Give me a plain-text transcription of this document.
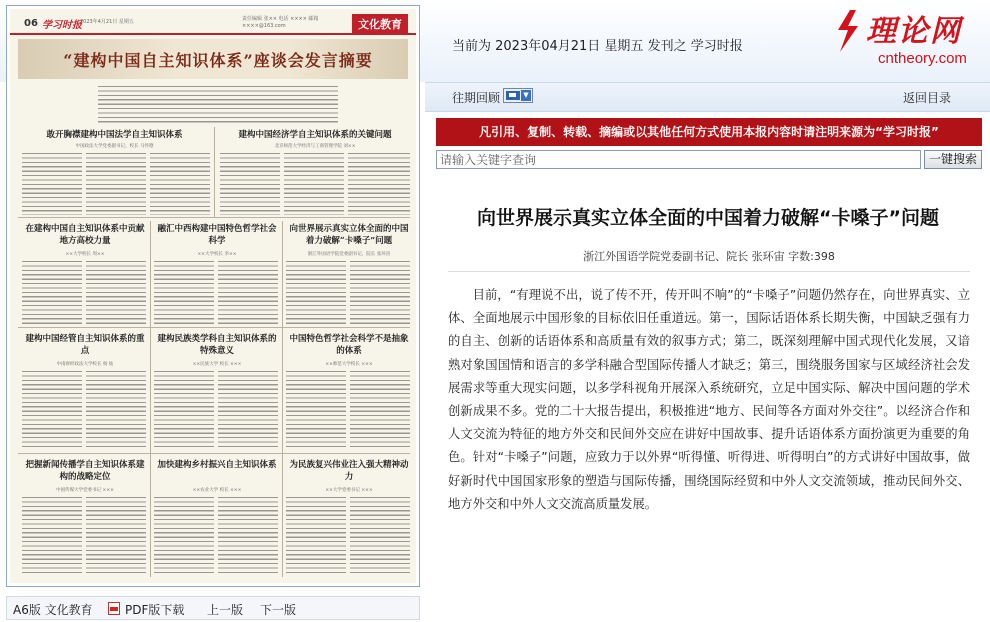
06 学习时报
2023年4月21日 星期五	责任编辑 张×× 电话 ×××× 邮箱 ××××@163.com	文化教育
“建构中国自主知识体系”座谈会发言摘要
敢开胸襟建构中国法学自主知识体系
中国政法大学党委副书记、校长 马怀德
建构中国经济学自主知识体系的关键问题
北京师范大学经济与工商管理学院 刘××
在建构中国自主知识体系中贡献地方高校力量
××大学校长 周××
融汇中西构建中国特色哲学社会科学
××大学校长 李××
向世界展示真实立体全面的中国着力破解“卡嗓子”问题
浙江外国语学院党委副书记、院长 张环宙
建构中国经管自主知识体系的重点
中南财经政法大学校长 杨 灿
建构民族类学科自主知识体系的特殊意义
××民族大学 校长 ×××
中国特色哲学社会科学不是抽象的体系
××师范大学校长 ×××
把握新闻传播学自主知识体系建构的战略定位
中国传媒大学党委书记 ×××
加快建构乡村振兴自主知识体系
××农业大学 校长 ×××
为民族复兴伟业注入强大精神动力
××大学党委书记 ×××
A6版 文化教育	PDF版下载 上一版 下一版
当前为 2023年04月21日 星期五 发刊之 学习时报	理论网
cntheory.com
往期回顾	▼	返回目录
凡引用、复制、转载、摘编或以其他任何方式使用本报内容时请注明来源为“学习时报”
请输入关键字查询
一键搜索
向世界展示真实立体全面的中国着力破解“卡嗓子”问题
浙江外国语学院党委副书记、院长 张环宙 字数:398

目前，“有理说不出，说了传不开，传开叫不响”的“卡嗓子”问题仍然存在，向世界真实、立体、全面地展示中国形象的目标依旧任重道远。第一，国际话语体系长期失衡，中国缺乏强有力的自主、创新的话语体系和高质量有效的叙事方式；第二，既深刻理解中国式现代化发展，又谙熟对象国国情和语言的多学科融合型国际传播人才缺乏；第三，围绕服务国家与区域经济社会发展需求等重大现实问题，以多学科视角开展深入系统研究，立足中国实际、解决中国问题的学术创新成果不多。党的二十大报告提出，积极推进“地方、民间等各方面对外交往”。以经济合作和人文交流为特征的地方外交和民间外交应在讲好中国故事、提升话语体系方面扮演更为重要的角色。针对“卡嗓子”问题，应致力于以外界“听得懂、听得进、听得明白”的方式讲好中国故事，做好新时代中国国家形象的塑造与国际传播，围绕国际经贸和中外人文交流领域，推动民间外交、地方外交和中外人文交流高质量发展。
